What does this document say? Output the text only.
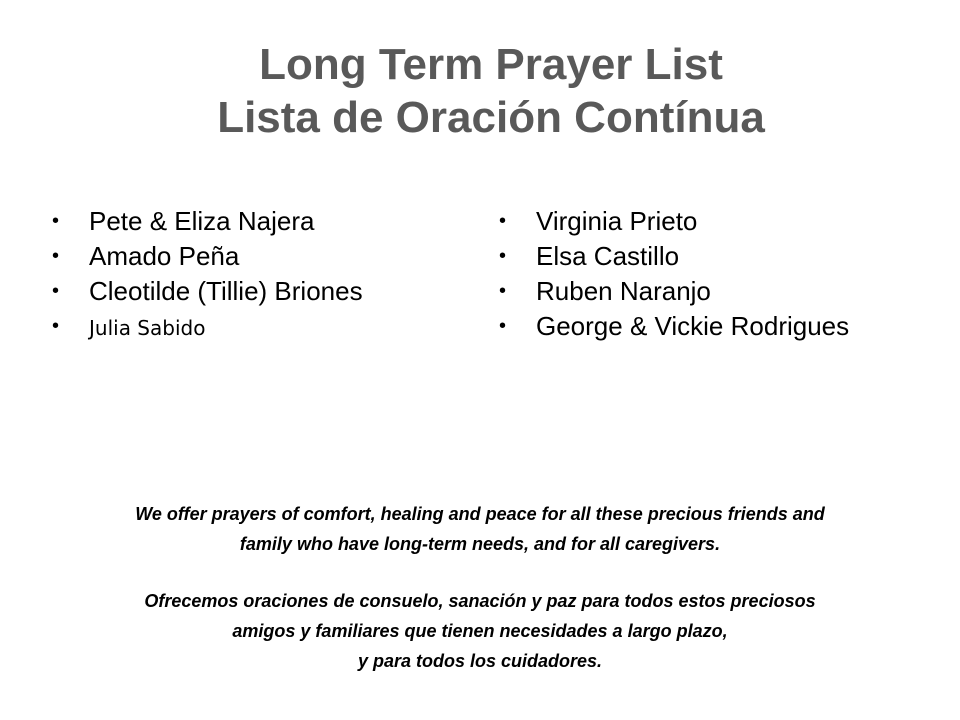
Long Term Prayer List
Lista de Oración Contínua
• Pete & Eliza Najera
• Amado Peña
• Cleotilde (Tillie) Briones
• Julia Sabido
• Virginia Prieto
• Elsa Castillo
• Ruben Naranjo
• George & Vickie Rodrigues

We offer prayers of comfort, healing and peace for all these precious friends and
family who have long-term needs, and for all caregivers.

Ofrecemos oraciones de consuelo, sanación y paz para todos estos preciosos
amigos y familiares que tienen necesidades a largo plazo,
y para todos los cuidadores.
